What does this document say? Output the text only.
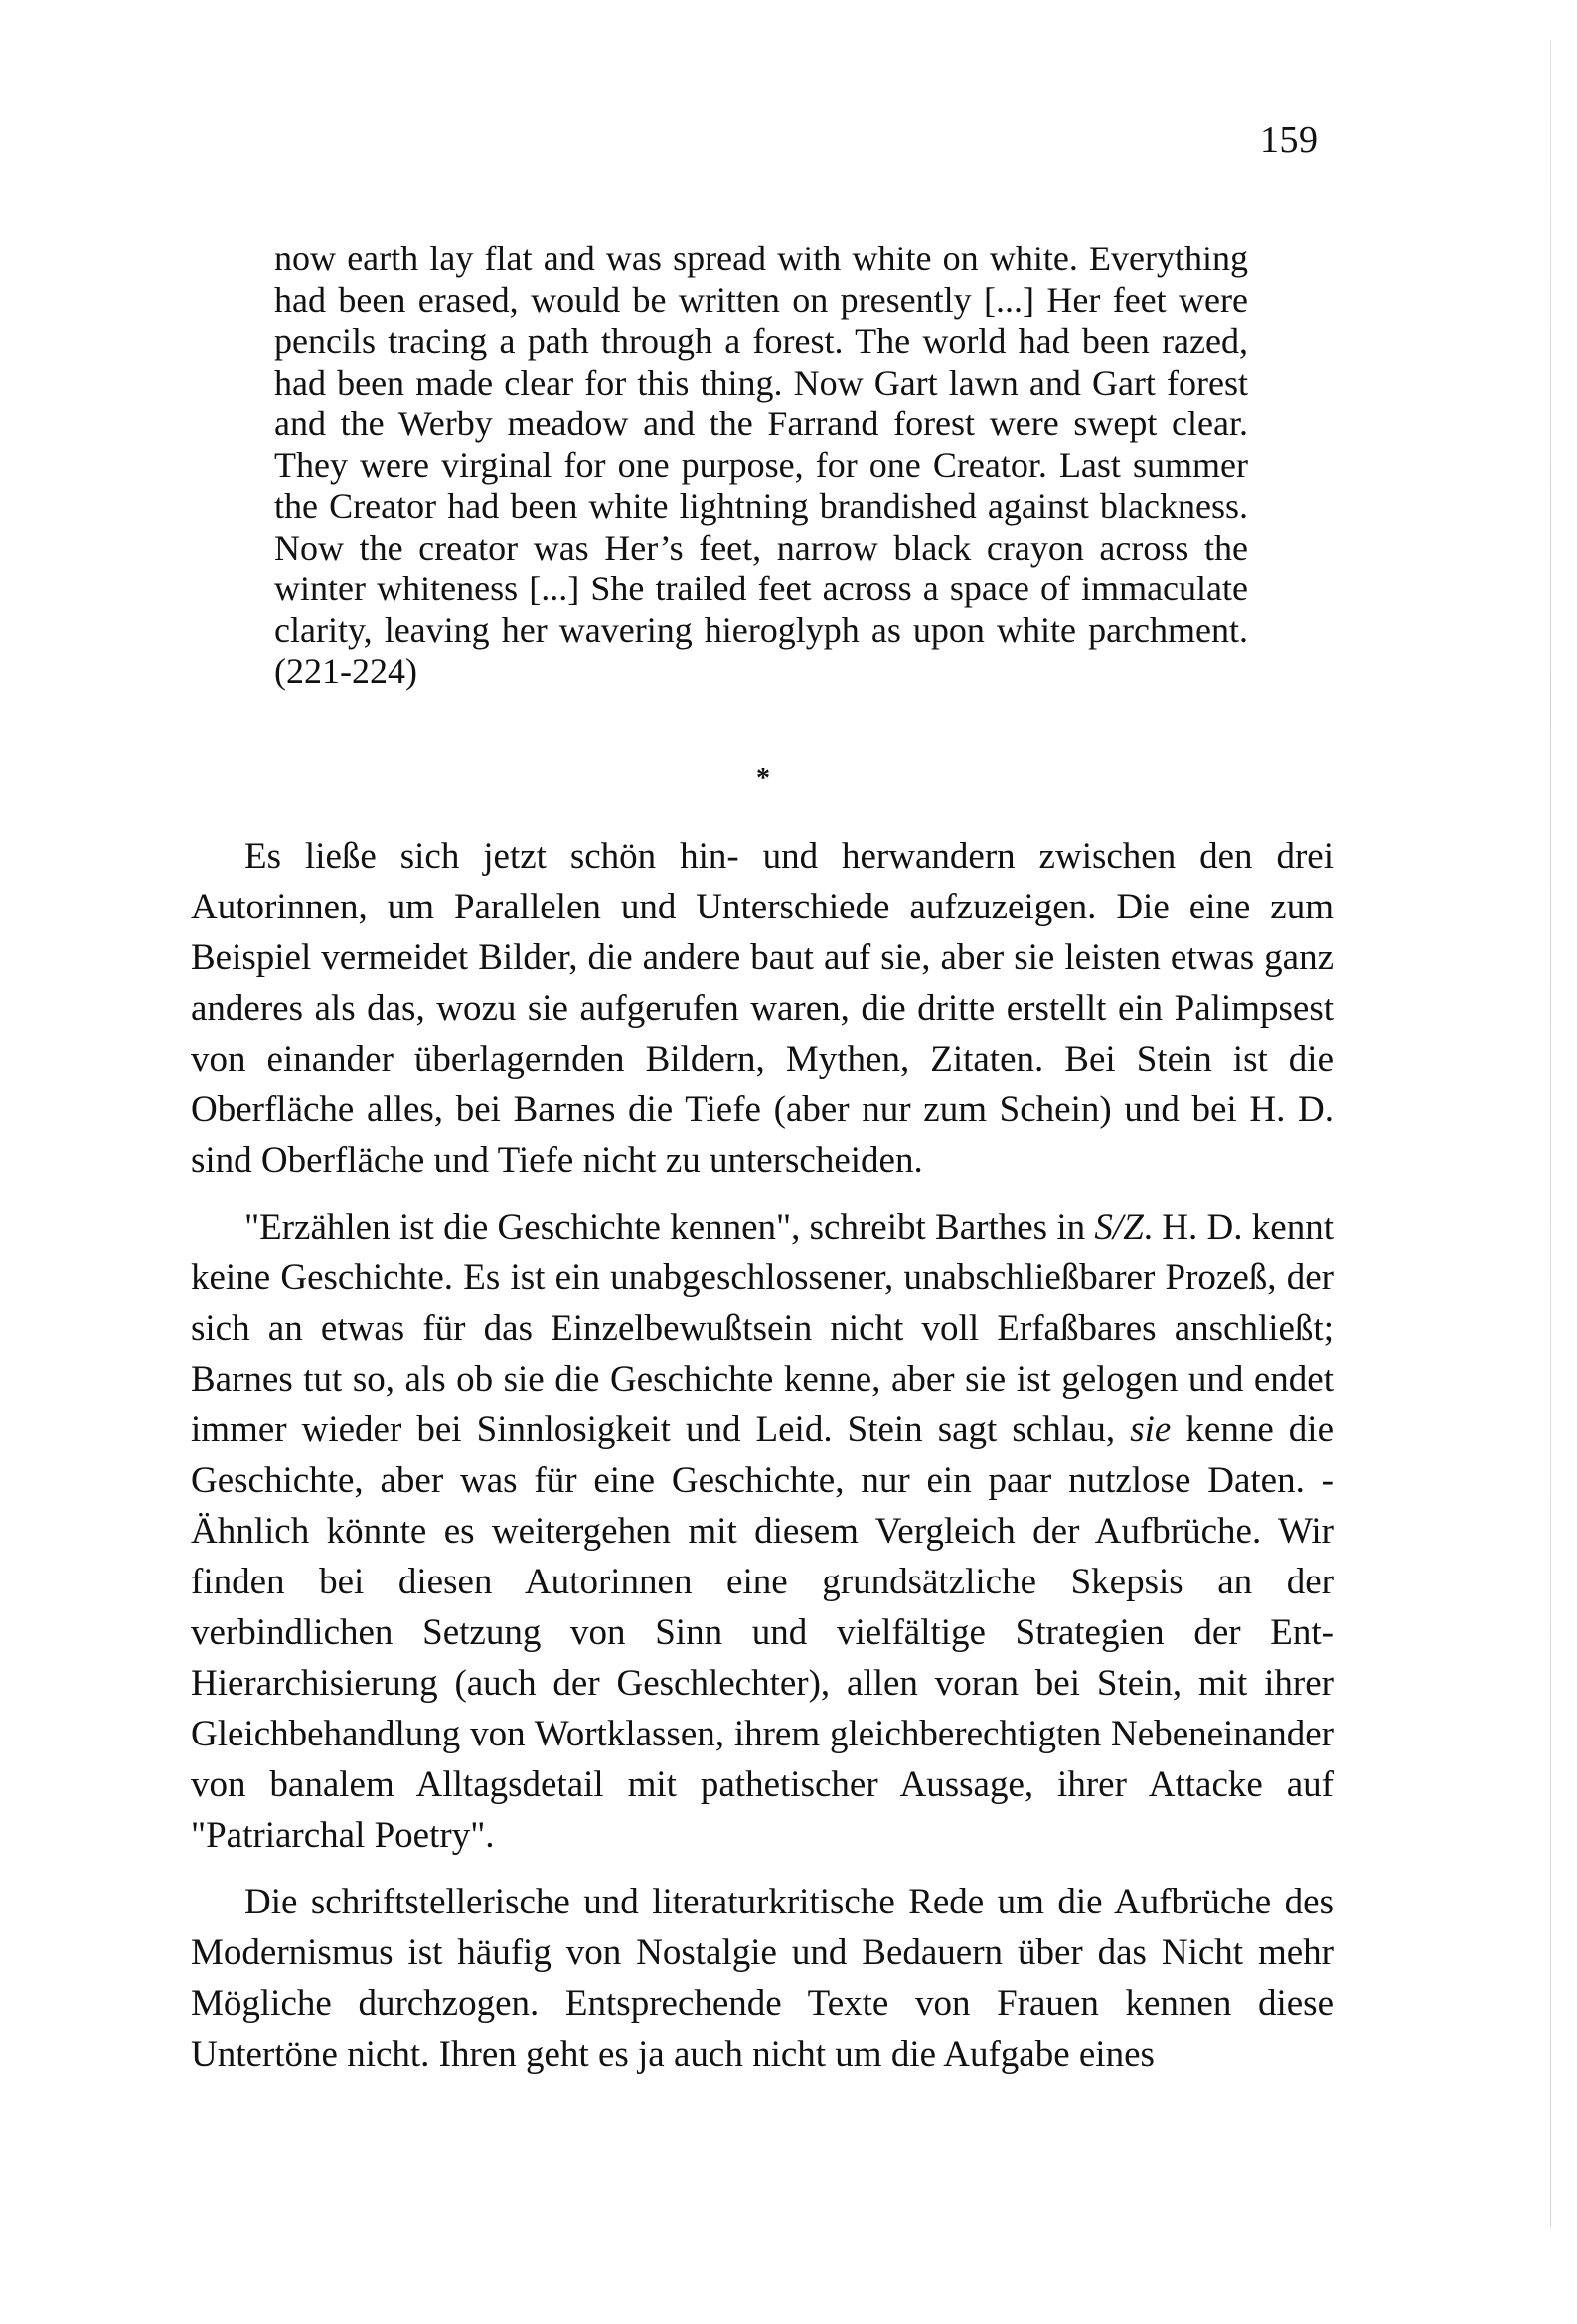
159

now earth lay flat and was spread with white on white. Everything had been erased, would be written on presently [...] Her feet were pencils tracing a path through a forest. The world had been razed, had been made clear for this thing. Now Gart lawn and Gart forest and the Werby meadow and the Farrand forest were swept clear. They were virginal for one purpose, for one Creator. Last summer the Creator had been white lightning brandished against blackness. Now the creator was Her’s feet, narrow black crayon across the winter whiteness [...] She trailed feet across a space of immaculate clarity, leaving her wavering hieroglyph as upon white parchment. (221-224)

*

Es ließe sich jetzt schön hin- und herwandern zwischen den drei Autorinnen, um Parallelen und Unterschiede aufzuzeigen. Die eine zum Beispiel vermeidet Bilder, die andere baut auf sie, aber sie leisten etwas ganz anderes als das, wozu sie aufgerufen waren, die dritte erstellt ein Palimpsest von einander überlagernden Bildern, Mythen, Zitaten. Bei Stein ist die Oberfläche alles, bei Barnes die Tiefe (aber nur zum Schein) und bei H. D. sind Oberfläche und Tiefe nicht zu unterscheiden.

"Erzählen ist die Geschichte kennen", schreibt Barthes in S/Z. H. D. kennt keine Geschichte. Es ist ein unabgeschlossener, unabschließbarer Prozeß, der sich an etwas für das Einzelbewußtsein nicht voll Erfaßbares anschließt; Barnes tut so, als ob sie die Geschichte kenne, aber sie ist gelogen und endet immer wieder bei Sinnlosigkeit und Leid. Stein sagt schlau, sie kenne die Geschichte, aber was für eine Geschichte, nur ein paar nutzlose Daten. - Ähnlich könnte es weitergehen mit diesem Vergleich der Aufbrüche. Wir finden bei diesen Autorinnen eine grundsätzliche Skepsis an der verbindlichen Setzung von Sinn und vielfältige Strategien der Ent-Hierarchisierung (auch der Geschlechter), allen voran bei Stein, mit ihrer Gleichbehandlung von Wortklassen, ihrem gleichberechtigten Nebeneinander von banalem Alltagsdetail mit pathetischer Aussage, ihrer Attacke auf "Patriarchal Poetry".

Die schriftstellerische und literaturkritische Rede um die Aufbrüche des Modernismus ist häufig von Nostalgie und Bedauern über das Nicht mehr Mögliche durchzogen. Entsprechende Texte von Frauen kennen diese Untertöne nicht. Ihren geht es ja auch nicht um die Aufgabe eines
